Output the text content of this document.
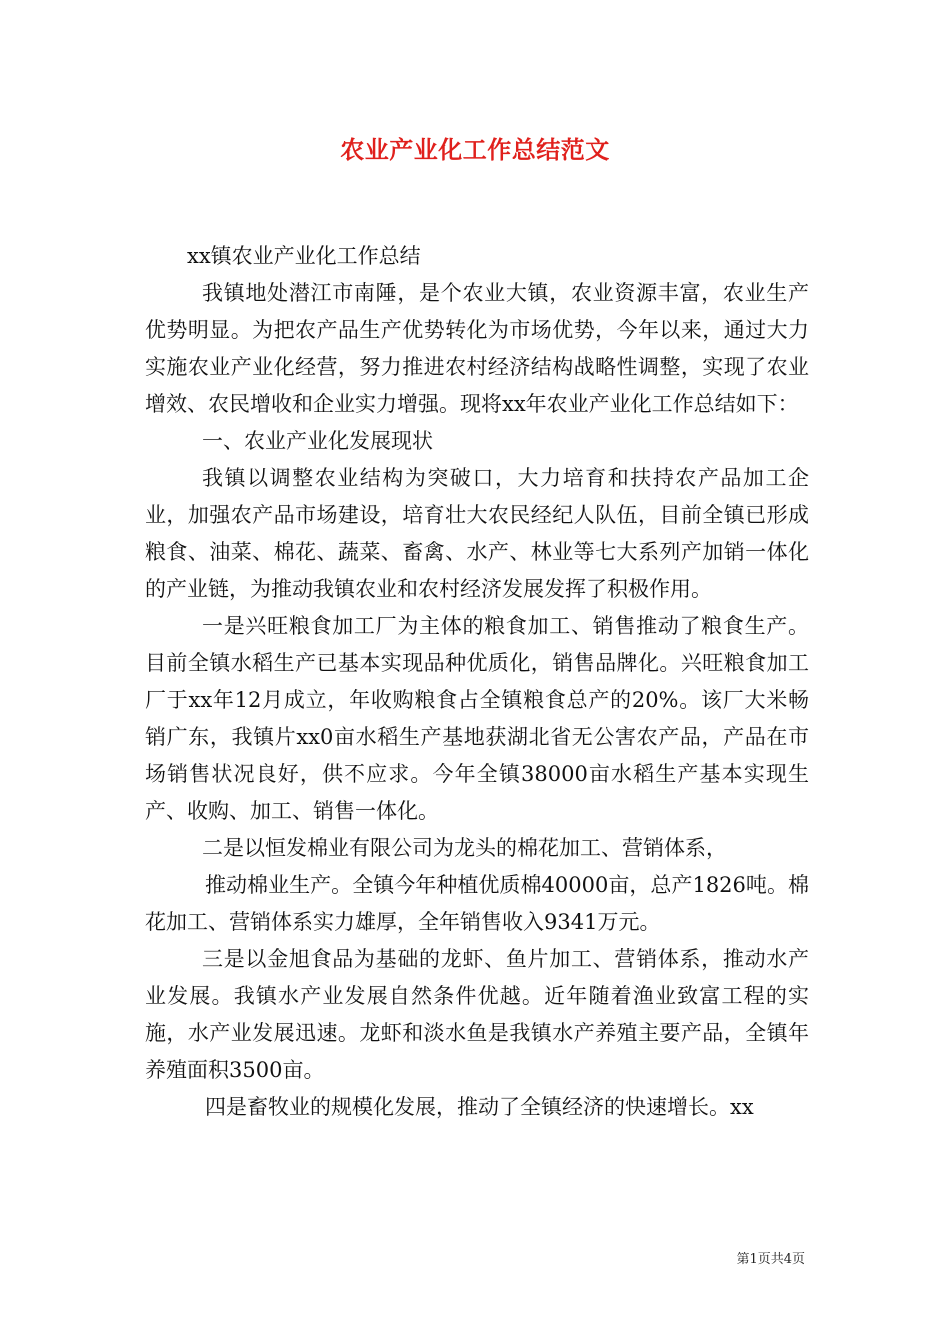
农业产业化工作总结范文

xx镇农业产业化工作总结

我镇地处潜江市南陲，是个农业大镇，农业资源丰富，农业生产优势明显。为把农产品生产优势转化为市场优势，今年以来，通过大力实施农业产业化经营，努力推进农村经济结构战略性调整，实现了农业增效、农民增收和企业实力增强。现将xx年农业产业化工作总结如下：

一、农业产业化发展现状

我镇以调整农业结构为突破口，大力培育和扶持农产品加工企业，加强农产品市场建设，培育壮大农民经纪人队伍，目前全镇已形成粮食、油菜、棉花、蔬菜、畜禽、水产、林业等七大系列产加销一体化的产业链，为推动我镇农业和农村经济发展发挥了积极作用。

一是兴旺粮食加工厂为主体的粮食加工、销售推动了粮食生产。目前全镇水稻生产已基本实现品种优质化，销售品牌化。兴旺粮食加工厂于xx年12月成立，年收购粮食占全镇粮食总产的20%。该厂大米畅销广东，我镇片xx0亩水稻生产基地获湖北省无公害农产品，产品在市场销售状况良好，供不应求。今年全镇38000亩水稻生产基本实现生产、收购、加工、销售一体化。

二是以恒发棉业有限公司为龙头的棉花加工、营销体系，

推动棉业生产。全镇今年种植优质棉40000亩，总产1826吨。棉花加工、营销体系实力雄厚，全年销售收入9341万元。

三是以金旭食品为基础的龙虾、鱼片加工、营销体系，推动水产业发展。我镇水产业发展自然条件优越。近年随着渔业致富工程的实施，水产业发展迅速。龙虾和淡水鱼是我镇水产养殖主要产品，全镇年养殖面积3500亩。

四是畜牧业的规模化发展，推动了全镇经济的快速增长。xx

第1页共4页
